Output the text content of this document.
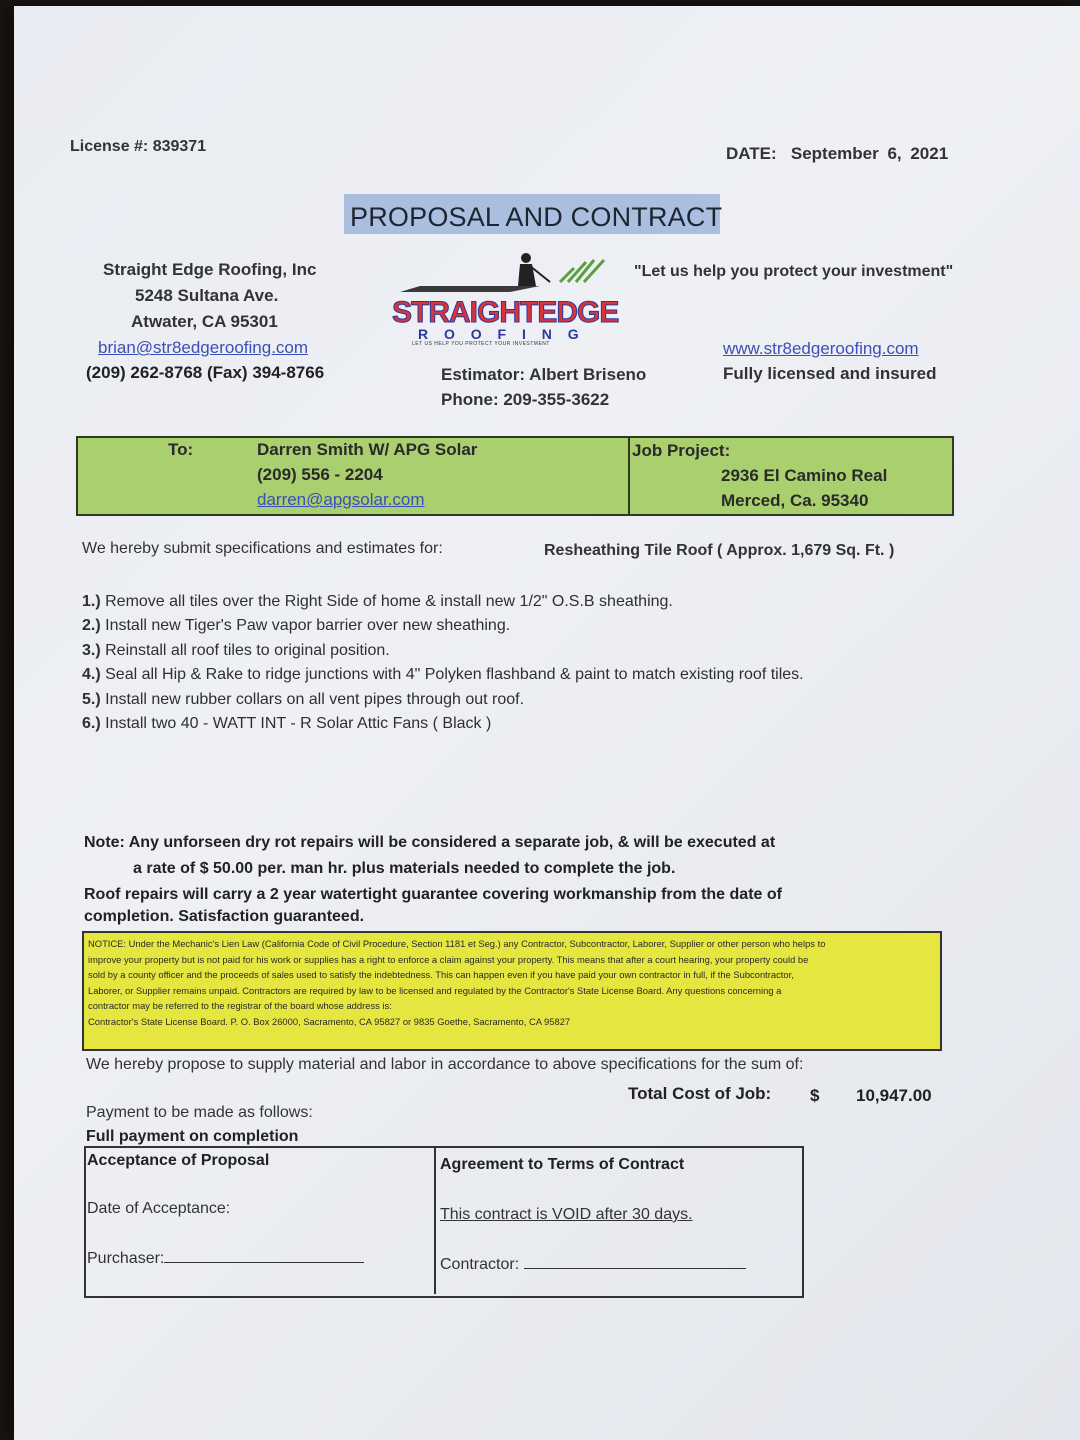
License #: 839371	DATE: September 6, 2021
PROPOSAL AND CONTRACT
Straight Edge Roofing, Inc
5248 Sultana Ave.
Atwater, CA 95301
brian@str8edgeroofing.com
(209) 262-8768 (Fax) 394-8766
STRAIGHTEDGE
R O O F I N G
LET US HELP YOU PROTECT YOUR INVESTMENT
"Let us help you protect your investment"
www.str8edgeroofing.com
Fully licensed and insured
Estimator: Albert Briseno
Phone: 209-355-3622
To:	Darren Smith W/ APG Solar
(209) 556 - 2204
darren@apgsolar.com
Job Project:
2936 El Camino Real
Merced, Ca. 95340
We hereby submit specifications and estimates for:	Resheathing Tile Roof ( Approx. 1,679 Sq. Ft. )
1.) Remove all tiles over the Right Side of home & install new 1/2" O.S.B sheathing.
2.) Install new Tiger's Paw vapor barrier over new sheathing.
3.) Reinstall all roof tiles to original position.
4.) Seal all Hip & Rake to ridge junctions with 4" Polyken flashband & paint to match existing roof tiles.
5.) Install new rubber collars on all vent pipes through out roof.
6.) Install two 40 - WATT INT - R Solar Attic Fans ( Black )
Note: Any unforseen dry rot repairs will be considered a separate job, & will be executed at
a rate of $ 50.00 per. man hr. plus materials needed to complete the job.
Roof repairs will carry a 2 year watertight guarantee covering workmanship from the date of
completion. Satisfaction guaranteed.
NOTICE: Under the Mechanic's Lien Law (California Code of Civil Procedure, Section 1181 et Seg.) any Contractor, Subcontractor, Laborer, Supplier or other person who helps to
improve your property but is not paid for his work or supplies has a right to enforce a claim against your property. This means that after a court hearing, your property could be
sold by a county officer and the proceeds of sales used to satisfy the indebtedness. This can happen even if you have paid your own contractor in full, if the Subcontractor,
Laborer, or Supplier remains unpaid. Contractors are required by law to be licensed and regulated by the Contractor's State License Board. Any questions concerning a
contractor may be referred to the registrar of the board whose address is:
Contractor's State License Board. P. O. Box 26000, Sacramento, CA 95827 or 9835 Goethe, Sacramento, CA 95827
We hereby propose to supply material and labor in accordance to above specifications for the sum of:
Total Cost of Job: $ 10,947.00
Payment to be made as follows:
Full payment on completion
Acceptance of Proposal
Date of Acceptance:
Purchaser:
Agreement to Terms of Contract
This contract is VOID after 30 days.
Contractor:
